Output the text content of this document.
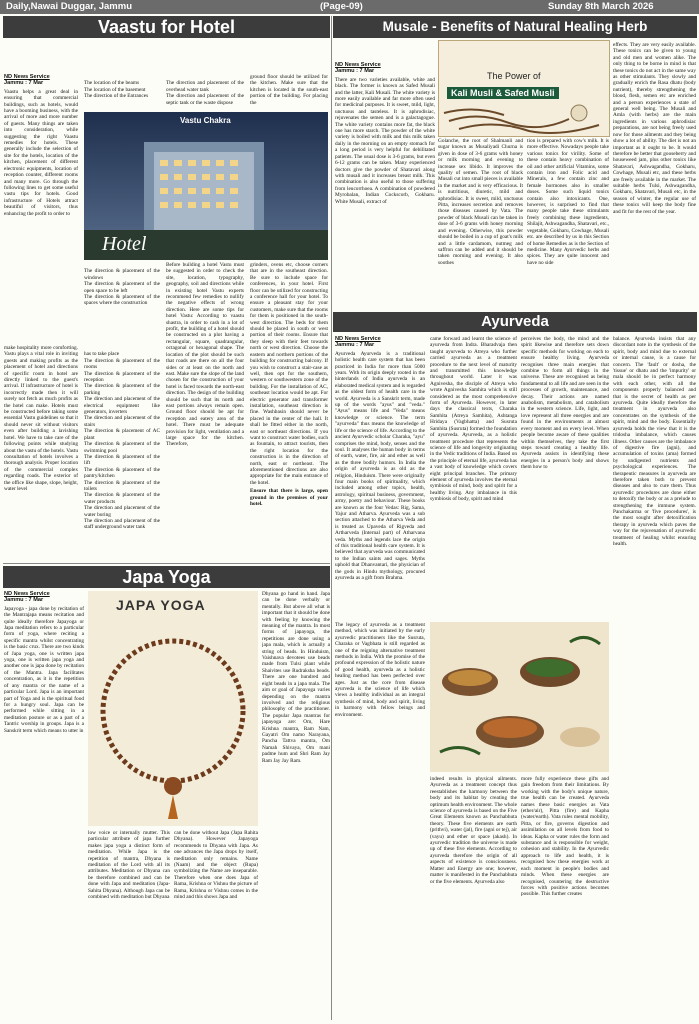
Daily,Nawai Duggar, Jammu	(Page-09)	Sunday 8th March 2026
Vaastu for Hotel
ND News Service
Jammu : 7 Mar

Vaastu helps a great deal in ensuring that commercial buildings, such as hotels, would have a booming business, with the arrival of more and more number of guests. Many things are taken into consideration, while suggesting the right Vaastu remedies for hotels. These generally include the selection of site for the hotels, location of the kitchen, placement of different electronic equipments, location of reception counter, different rooms and many more. Go through the following lines to get some useful vastu tips for hotels. Good infrastructure of Hotels attract beautiful of visitors, thus enhancing the profit to order to

make hospitality more comforting. Vastu plays a vital role in inviting guests and making profits as the placement of hotel and directions of specific room in hotel are directly linked to the guest's arrival. If infrastructure of hotel is incorrectly made then it will surely not fetch as much profits as the hotel can make. Hotels must be constructed before taking some essential Vastu guidelines so that it should never sit without visitors even after building a lavishing hotel. We have to take care of the following points while studying about the vastu of the hotels. Vastu consultation of hotels involves a thorough analysis. Proper location of the commercial complex regarding roads. The exterior of the office like shape, slope, height, water level

The location of the beams
The location of the basement
The direction of the Entrances

The direction & placement of the windows
The direction & placement of the open space to be left
The direction & placement of the spaces where the construction

has to take place
The direction & placement of the rooms
The direction & placement of the reception
The direction & placement of the parking
The direction and placement of the electrical equipment like generators, inverters
The direction and placement of the stairs
The direction & placement of AC plant
The direction & placement of the swimming pool
The direction & placement of the lift
The direction & placement of the pantry/kitchen
The direction & placement of the toilets
The direction & placement of the water products
The direction and placement of the water boring
The direction and placement of the staff underground water tank

The direction and placement of the overhead water tank
The direction and placement of the septic tank or the waste dispose

Before building a hotel Vastu must be suggested in order to check the site, location, typography, geography, soil and directions while in existing hotel Vastu experts recommend few remedies to nullify the negative effects of wrong direction. Here are some tips for hotel Vastu: According to vaastu shastra, in order to cash in a lot of profit, the building of a hotel should be constructed on a plot having a rectangular, square, quadrangular, octagonal or hexagonal shape. The location of the plot should be such that roads are there on all the four sides or at least on the north and east. Make sure the slope of the land chosen for the construction of your hotel is faced towards the north-east direction. The design of the building should be such that its north and east portions always remain open. Ground floor should be apt for reception and eatery area of the hotel. There must be adequate provision for light, ventilation and a large space for the kitchen. Therefore,

ground floor should be utilized for the kitchen. Make sure that the kitchen is located in the south-east portion of the building. For placing the

grinders, ovens etc, choose corners that are in the southeast direction. Be sure to include space for conferences, in your hotel. First floor can be utilized for constructing a conference hall for your hotel. To ensure a pleasant stay for your customers, make sure that the rooms for them is positioned in the south-west direction. The beds for them should be placed in south or west portion of their rooms. Ensure that they sleep with their feet towards north or west direction. Choose the eastern and northern portions of the building for constructing balcony. If you wish to construct a stair-case as well, then opt for the southern, western or southwestern zone of the building. For the installation of AC, southeast location would be apt. For electric generator and transformer installation, southeast direction is fine. Washbasin should never be placed in the center of the hall. It shall be fitted either in the north, east or northeast directions. If you want to construct water bodies, such as fountain, to attract tourists, then the right location for the construction is in the direction of north, east or northeast. The aforementioned directions are also appropriate for the main entrance of the hotel.

Ensure that there is large, open ground in the premises of your hotel.

Hotel
Vastu Chakra
Musale - Benefits of Natural Healing Herb
The Power of
Kali Musli & Safed Musli
ND News Service
Jammu : 7 Mar

There are two varieties available, white and black. The former is known as Safed Musali and the latter, Kali Musali. The white variety is more easily available and far more often used for medicinal purposes. It is sweet, mild, light, unctuous and tasteless. It is aphrodisiac, rejuvenates the semen and is a galactagogue. The white variety contains more fat, the black one has more starch. The powder of the white variety is boiled with milk and this milk taken daily in the morning on an empty stomach for a long period is very helpful for debilitated patients. The usual dose is 3-6 grams, but even 6-12 grams can be taken. Many experienced doctors give the powder of Shatavari along with musali and it increases breast milk. This combination is also useful to those suffering from leucorrhoea. A combination of powdered Myrobalan, Indian Cockscorb, Gokharu. White Musali, extract of

Golanche, the root of Shalmanli and sugar known as Musaliyadi Churna is given in dose of 3-6 grams with honey or milk morning and evening to increase sex libido. It improves the quality of semen. The root of black Musali cut into small pieces is available in the market and is very efficacious. It is nutritious, diuretic, mild and aphrodisiac. It is sweet, mild, unctuous Pitta, increases secretion and removes those diseases caused by Vata. The powder of black Musali can be taken in dose of 3-6 grams with honey morning and evening. Otherwise, this powder should be boiled in a cup of goat's milk and a little cardamom, nutmeg and saffron can be added and it should be taken morning and evening. It also soothes

tion is prepared with cow's milk. It is more effective. Nowadays people take various tonics for virility. Some of these contain heavy combination of oil and other artificial Vitamins, some contain iron and Folic acid and Minerals, a few contain zinc and female hormones also in smaller doses. Some such liquid tonics contain also intoxicants. One, however, is surprised to find that many people take these stimulants freely combining these ingredients, Shilajit, Ashwagandha, Shatavari, etc., vegetable, Gokharu, Cowhage, Musali etc. are described by us in this Section of home Remedies as is the Section of medicine. Many Ayurvedic herbs and spices. They are quite innocent and have no side

effects. They are very easily available. These tonics can be given to young and old men and women alike. The only thing to be borne in mind is that these tonics do not act in the same way as other stimulants. They slowly and gradually enrich the Rasa dhatu (body nutrient), thereby strengthening the blood, flesh, semen etc are enriched and a person experiences a state of general well being. The Musali and Amla (with herbs) are the main ingredients in various aphrodisiac preparations, are not being freely used now for those ailments and they being show a lot of ability. The diet is not an important as it ought to be. It would therefore be better that gooseberry and houseweed jam, plus other tonics like Shatavari, Ashwagandha, Gokharu, Cowhage, Musali etc, and these herbs are freely available in the market. The suitable herbs Tulsi, Ashwagandha, Gokharu, Shatavari, Musali etc, in the season of winter, the regular use of these tonics will keep the body fine and fit for the rest of the year.

Ayurveda
ND News Service
Jammu : 7 Mar

Ayurveda Ayurveda is a traditional holistic health care system that has been practiced in India for more than 5000 years. With its origin deeply rooted in the hinterlands of India ayurveda is an elaborated medical system and is regarded as the oldest form of health care in the world. Ayurveda is a Sanskrit term, made up of the words "ayus" and "veda." "Ayus" means life and "Veda" means knowledge or science. The term "ayurveda" thus means the knowledge of life or the science of life. According to the ancient Ayurvedic scholar Charaka, "ayu" comprises the mind, body, senses and the soul. It analyses the human body in terms of earth, water, fire, air and ether as well as the three bodily humors. In India the origin of ayurveda is as old as the religion, Hinduism. There were originally four main books of spirituality, which included among other topics, health, astrology, spiritual business, government, army, poetry and behaviour. These books are known as the four Vedas: Rig, Sama, Yajur and Atharva. Ayurveda was a sub section attached to the Atharva Veda and is treated as Upaveda of Rigveda and Artharveda (Internal part) of Atharvana veda. Myths and legends lace the origin of this traditional health care system. It is believed that ayurveda was communicated to the Indian saints and sages. Myths uphold that Dhanvantari, the physician of the gods in Hindu mythology, procured ayurveda as a gift from Brahma.

came forward and learnt the science of ayurveda from Indra. Bharadvaja then taught ayurveda to Atreya who further carried ayurveda as a treatment procedure to the next level of maturity and transmitted this knowledge throughout world. Later it was Agnivesha, the disciple of Atreya who wrote Agnivesha Samhita which is still considered as the most comprehensive form of Ayurveda. However, in later days the classical texts, Charaka Samhita (Atreya Samhita), Ashtanga Hridaya (Vagbhatta) and Susruta Samhita (Susruta) formed the foundation of ayurveda. Ayurveda, as a holistic treatment procedure that represents the science of life and longevity originating in the Vedic traditions of India. Based on the principle of eternal life, ayurveda has a vast body of knowledge which covers eight principal branches. The primary element of ayurveda involves the eternal symbiosis of mind, body and spirit for a healthy living. Any imbalance in this symbiosis of body, spirit and mind

perceives the body, the mind and the spirit likewise and therefore sets down specific methods for working on each to ensure healthy living. Ayurveda recognises three main energies that combine to form all things in the universe. These are recognised as being fundamental to all life and are seen in the processes of growth, maintenance, and decay. Their actions are named anabolism, metabolism, and catabolism in the western science. Life, light, and love represent all three energies and are found in the environments at almost every moment and on every level. When people become aware of these qualities within themselves, they take the first steps toward creating a healthy life. Ayurveda assists in identifying these energies in a person's body and shows them how to

balance. Ayurveda insists that any discordant note in the synthesis of the spirit, body and mind due to external or internal cause, is a cause for concern. The 'fault' or dosha, the 'tissue' or dhatu and the 'impurity' or mala should be in perfect harmony with each other, with all the components properly balanced and that is the secret of health as per ayurveda. Quite ideally therefore the treatment in ayurveda also concentrates on the synthesis of the spirit, mind and the body. Essentially ayurveda holds the view that it is the tridosha imbalance, which causes illness. Other causes are the imbalance of digestive fire (agni), and accumulation of toxins (ama) formed by undigested nutrients and psychological experiences. The therapeutic measures in ayurveda are therefore taken both to prevent diseases and also to cure them. Thus ayurvedic procedures are done either to detoxify the body or as a prelude to strengthening the immune system. Panchakarma or 'five procedures', is the most sought after detoxification therapy in ayurveda which paves the way for the rejuvenation of ayurvedic treatment of healing whilst ensuring health.

indeed results in physical ailments. Ayurveda as a treatment concept thus reestablishes the harmony between the body and its habitat by creating the optimum health environment. The whole science of ayurveda is based on the Five Great Elements known as Panchabhuta theory. These five elements are earth (prithvi), water (jal), fire (agni or tej), air (vayu) and ether or space (akash). In ayurvedic tradition the universe is made up of these five elements. According to ayurveda therefore the origin of all aspects of existence is consciousness. Matter and Energy are one; however, matter is manifested in the Panchabhuta or the five elements. Ayurveda also

more fully experience these gifts and gain freedom from their limitations. By working with the body's unique nature, true health can be created. Ayurveda names these basic energies as Vata (ether/air), Pitta (fire) and Kapha (water/earth). Vata rules mental mobility, Pitta, or fire, governs digestion and assimilation on all levels from food to ideas. Kapha or water rules the form and substance and is responsible for weight, cohesion and stability. In the Ayurvedic approach to life and health, it is recognised how these energies work at each moment in people's bodies and minds. When these energies are recognised, countering the destructive forces with positive actions becomes possible. This further creates

The legacy of ayurveda as a treatment method, which was initiated by the early ayurvedic practitioners like the Susruta, Charaka or Vagbhata is still regarded as one of the reigning alternative treatment methods in India. With the promise of the profound expression of the holistic nature of good health, ayurveda as a holistic healing method has been perfected over ages. Just as the core from disease ayurveda is the science of life which views a healthy individual as an integral synthesis of mind, body and spirit, living in harmony with fellow beings and environment.

Japa Yoga
ND News Service
Jammu : 7 Mar

Japayoga - japa done by recitation of the Mantrajapa means recitation and quite ideally therefore Japayoga or Japa meditation refers to a particular form of yoga, where reciting a specific mantra whilst concentrating is the basic crux. There are two kinds of Japa yoga, one is written japa yoga, one is written japa yoga and another one is japa done by recitation of the Mantra. Japa facilitates concentration, as it is the repetition of any mantra or the name of a particular Lord. Japa is an important part of Yoga and is the spiritual food for a hungry soul. Japa can be performed while sitting in a meditation posture or as a part of a Tantric worship in groups. Japa is a Sanskrit term which means to utter in

JAPA YOGA

low voice or internally mutter. This particular attribute of japa further makes japa yoga a distinct form of meditation. While Japa is the repetition of mantra, Dhyana is meditation of the Lord with all its attributes. Meditation or Dhyana can be therefore combined and can be done with Japa and meditation (Japa-Sahita Dhyana). Although Japa can be combined with meditation but Dhyana

can be done without Japa (Japa Rahita Dhyana). However Japayoga recommends to Dhyana with Japa. As one advances the Japa drops by itself, meditation only remains. Name (Naam) and the object (Rupa) symbolizing the Name are inseparable. Therefore when one does Japa of Rama, Krishna or Vishnu the picture of Rama, Krishna or Vishnu comes in the mind and this shows Japa and

Dhyana go hand in hand. Japa can be done verbally or mentally. But above all what is important that it should be done with feeling by knowing the meaning of the mantra. In most forms of japayoga, the repetitions are done using a japa mala, which is actually a string of beads. In Hinduism, Vaishnava devotees use beads made from Tulsi plant while Shaivites use Rudraksha beads. There are one hundred and eight beads in a japa mala. The aim or goal of Japayoga varies depending on the mantra involved and the religious philosophy of the practitioner. The popular Japa mantras for japayoga are: Om, Hare Krishna mantra, Ram Nam, Gayatri Om namo Narayana, Pancha Tattva mantra, Om Namah Shivaya, Om mani padme hum and Shri Ram Jay Ram Jay Jay Ram.
